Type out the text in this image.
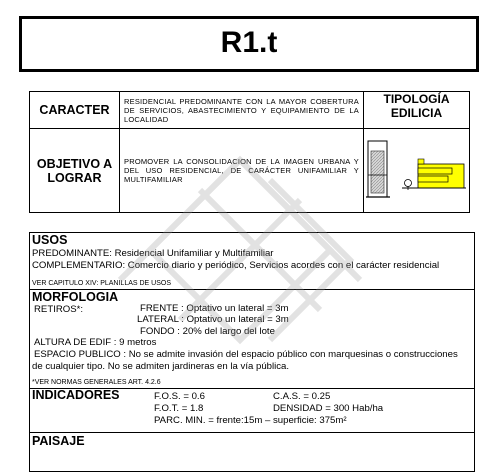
R1.t
CARACTER	RESIDENCIAL PREDOMINANTE CON LA MAYOR COBERTURA DE SERVICIOS, ABASTECIMIENTO Y EQUIPAMIENTO DE LA LOCALIDAD	TIPOLOGÍA
EDILICIA

OBJETIVO A
LOGRAR	PROMOVER LA CONSOLIDACION DE LA IMAGEN URBANA Y DEL USO RESIDENCIAL, DE CARÁCTER UNIFAMILIAR Y MULTIFAMILIAR	
USOS
PREDOMINANTE: Residencial Unifamiliar y Multifamiliar
COMPLEMENTARIO: Comercio diario y periódico, Servicios acordes con el carácter residencial
VER CAPITULO XIV: PLANILLAS DE USOS
MORFOLOGIA
RETIROS*:	FRENTE : Optativo un lateral = 3m
LATERAL : Optativo un lateral = 3m
FONDO : 20% del largo del lote
ALTURA DE EDIF : 9 metros
ESPACIO PUBLICO : No se admite invasión del espacio público con marquesinas o construcciones
de cualquier tipo. No se admiten jardineras en la vía pública.
*VER NORMAS GENERALES ART. 4.2.6
INDICADORES	F.O.S. = 0.6	C.A.S. = 0.25
F.O.T. = 1.8	DENSIDAD = 300 Hab/ha
PARC. MIN. = frente:15m – superficie: 375m²
PAISAJE
